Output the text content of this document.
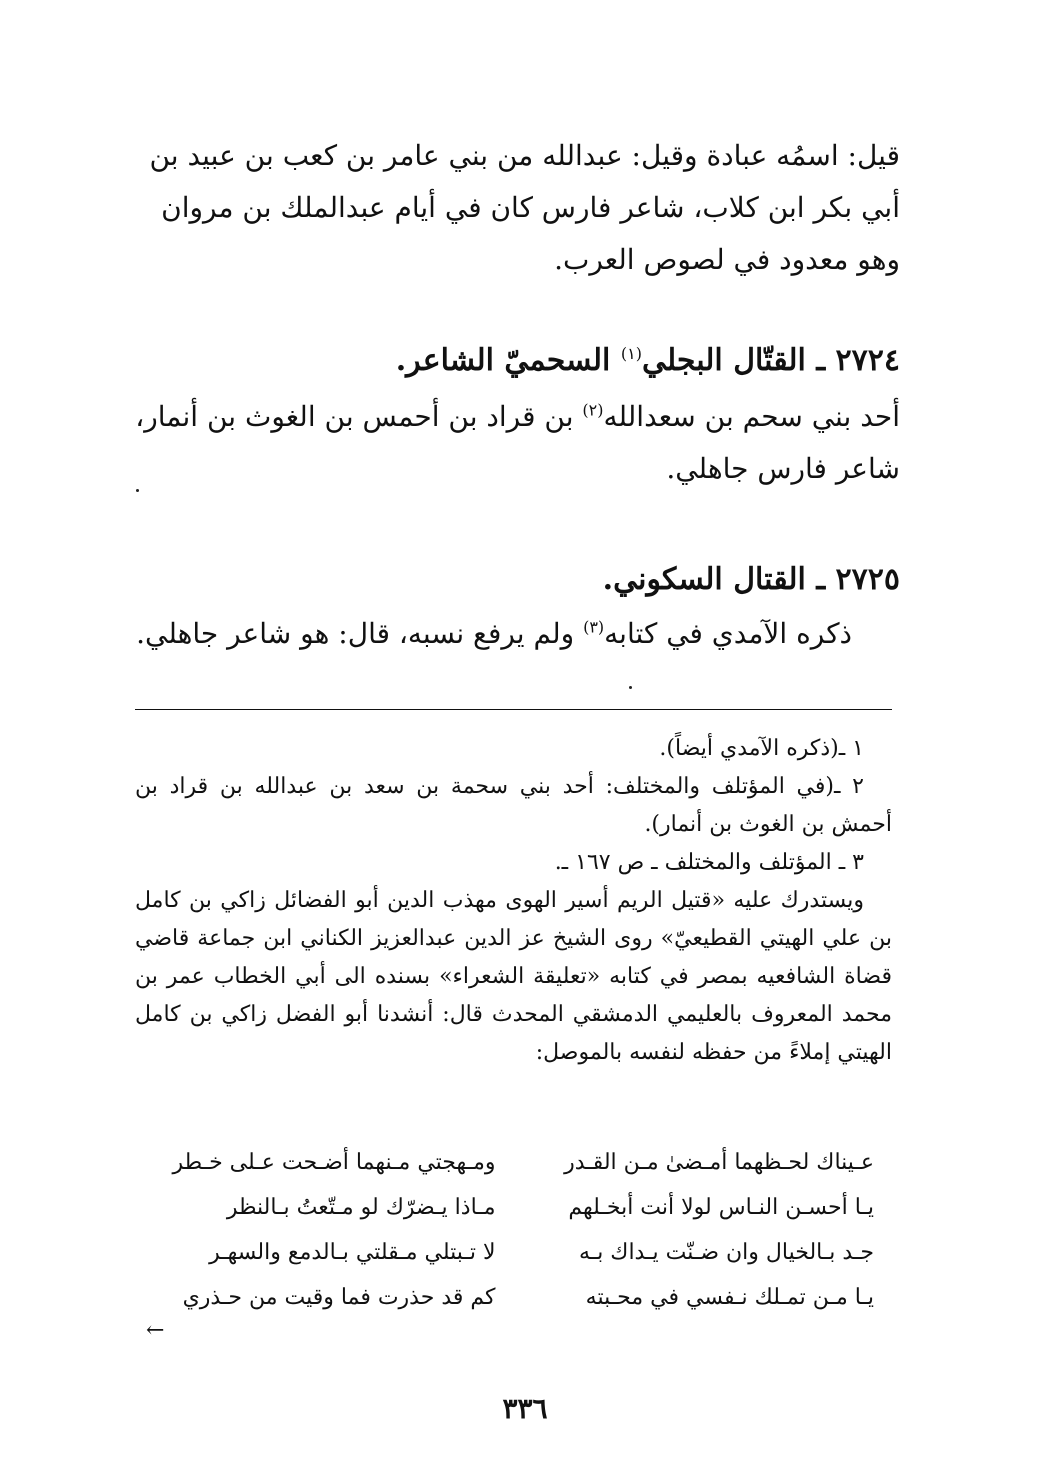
قيل: اسمُه عبادة وقيل: عبدالله من بني عامر بن كعب بن عبيد بن أبي بكر ابن كلاب، شاعر فارس كان في أيام عبدالملك بن مروان وهو معدود في لصوص العرب.
٢٧٢٤ ـ القتّال البجلي$^{(١)}$ السحميّ الشاعر.
أحد بني سحم بن سعدالله$^{(٢)}$ بن قراد بن أحمس بن الغوث بن أنمار، شاعر فارس جاهلي.
٢٧٢٥ ـ القتال السكوني.
ذكره الآمدي في كتابه$^{(٣)}$ ولم يرفع نسبه، قال: هو شاعر جاهلي.

١ ـ(ذكره الآمدي أيضاً).

٢ ـ(في المؤتلف والمختلف: أحد بني سحمة بن سعد بن عبدالله بن قراد بن أحمش بن الغوث بن أنمار).

٣ ـ المؤتلف والمختلف ـ ص ١٦٧ ـ.

ويستدرك عليه «قتيل الريم أسير الهوى مهذب الدين أبو الفضائل زاكي بن كامل بن علي الهيتي القطيعيّ» روى الشيخ عز الدين عبدالعزيز الكناني ابن جماعة قاضي قضاة الشافعيه بمصر في كتابه «تعليقة الشعراء» بسنده الى أبي الخطاب عمر بن محمد المعروف بالعليمي الدمشقي المحدث قال: أنشدنا أبو الفضل زاكي بن كامل الهيتي إملاءً من حفظه لنفسه بالموصل:

عـيناك لحـظهما أمـضىٰ مـن القـدر
ومـهجتي مـنهما أضـحت عـلى خـطر
يـا أحسـن النـاس لولا أنت أبخـلهم
مـاذا يـضرّك لو مـتّعتُ بـالنظر
جـد بـالخيال وان ضـنّت يـداك بـه
لا تـبتلي مـقلتي بـالدمع والسهـر
يـا مـن تمـلك نـفسي في محـبته
كم قد حذرت فما وقيت من حـذري
←
٣٣٦
